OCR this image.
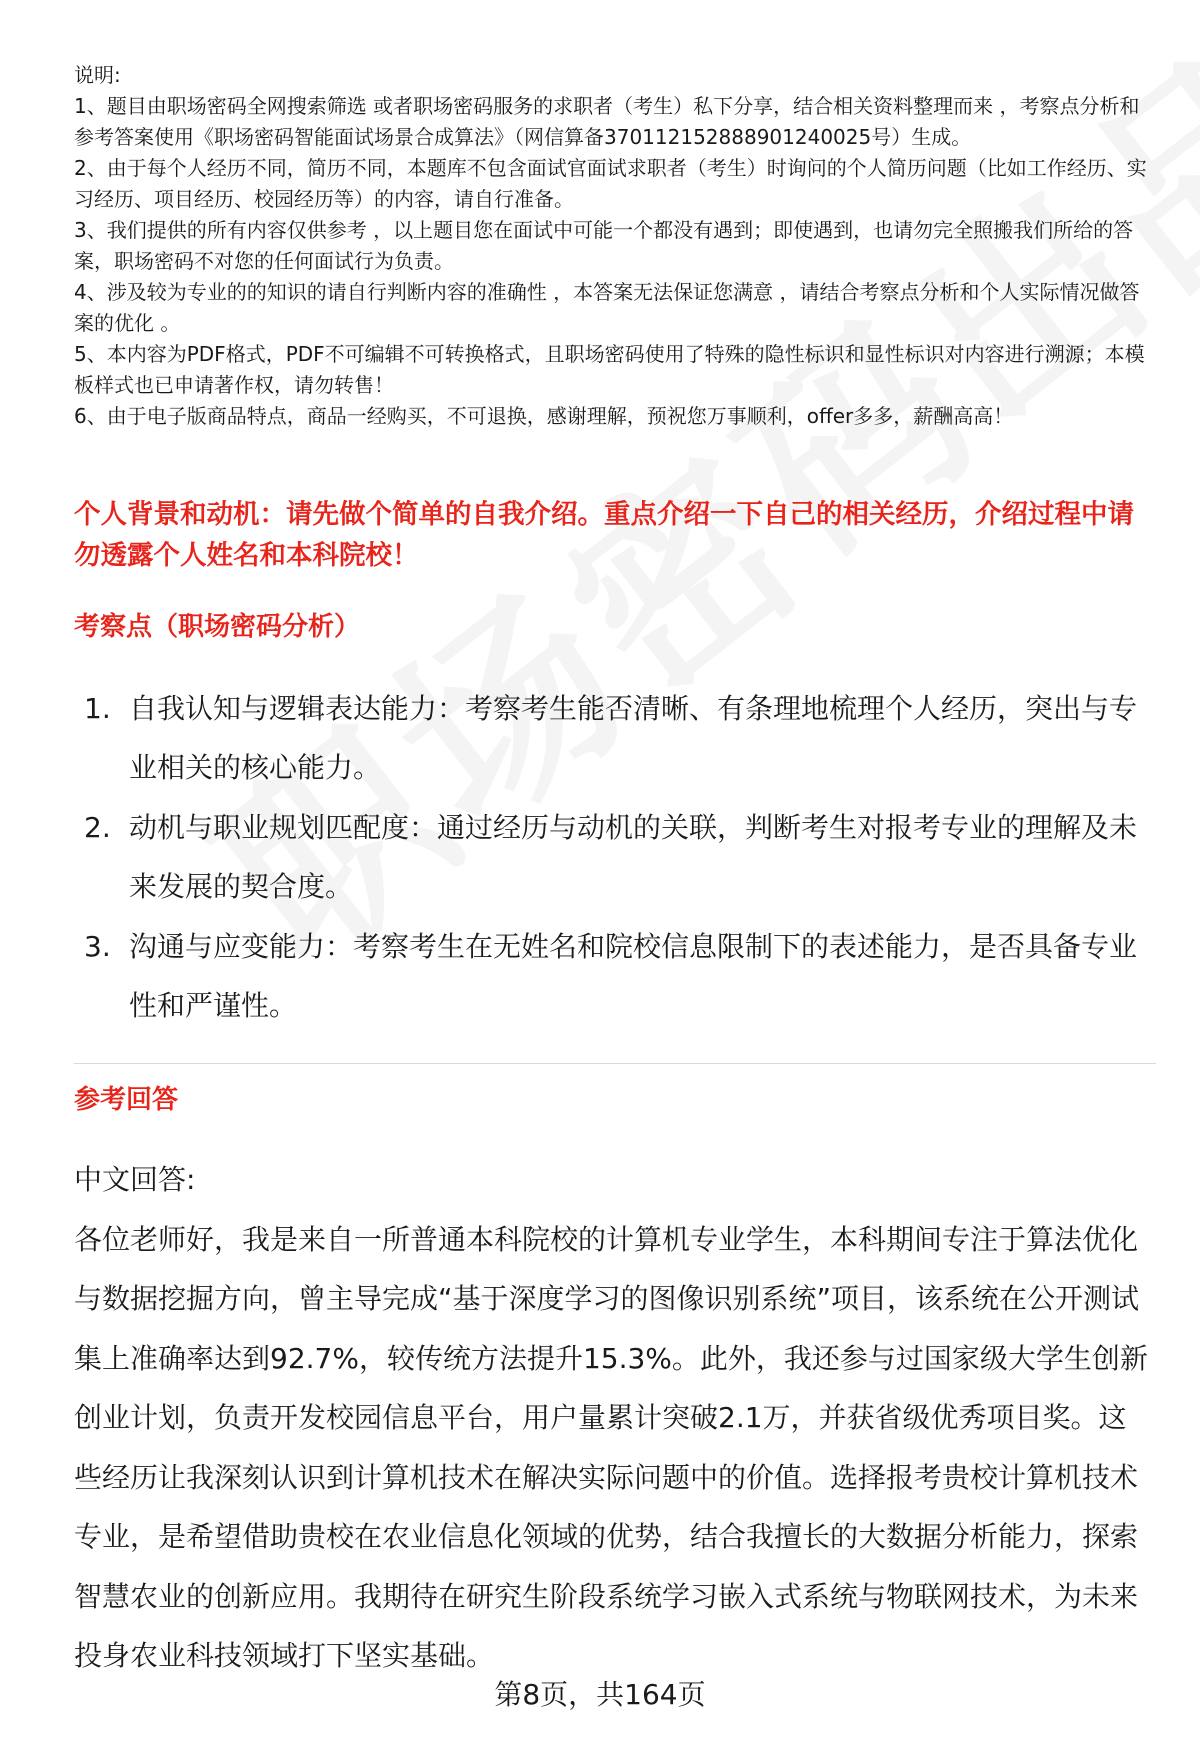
说明:

1、题目由职场密码全网搜索筛选 或者职场密码服务的求职者（考生）私下分享，结合相关资料整理而来 ，考察点分析和参考答案使用《职场密码智能面试场景合成算法》（网信算备370112152888901240025号）生成。

2、由于每个人经历不同，简历不同，本题库不包含面试官面试求职者（考生）时询问的个人简历问题（比如工作经历、实习经历、项目经历、校园经历等）的内容，请自行准备。

3、我们提供的所有内容仅供参考 ，以上题目您在面试中可能一个都没有遇到；即使遇到，也请勿完全照搬我们所给的答案，职场密码不对您的任何面试行为负责。

4、涉及较为专业的的知识的请自行判断内容的准确性 ，本答案无法保证您满意 ，请结合考察点分析和个人实际情况做答案的优化 。

5、本内容为PDF格式，PDF不可编辑不可转换格式，且职场密码使用了特殊的隐性标识和显性标识对内容进行溯源；本模板样式也已申请著作权，请勿转售！

6、由于电子版商品特点，商品一经购买，不可退换，感谢理解，预祝您万事顺利，offer多多，薪酬高高！

个人背景和动机：请先做个简单的自我介绍。重点介绍一下自己的相关经历，介绍过程中请勿透露个人姓名和本科院校！
考察点（职场密码分析）
1. 自我认知与逻辑表达能力：考察考生能否清晰、有条理地梳理个人经历，突出与专业相关的核心能力。
2. 动机与职业规划匹配度：通过经历与动机的关联，判断考生对报考专业的理解及未来发展的契合度。
3. 沟通与应变能力：考察考生在无姓名和院校信息限制下的表述能力，是否具备专业性和严谨性。
参考回答

中文回答:

各位老师好，我是来自一所普通本科院校的计算机专业学生，本科期间专注于算法优化与数据挖掘方向，曾主导完成“基于深度学习的图像识别系统”项目，该系统在公开测试集上准确率达到92.7%，较传统方法提升15.3%。此外，我还参与过国家级大学生创新创业计划，负责开发校园信息平台，用户量累计突破2.1万，并获省级优秀项目奖。这些经历让我深刻认识到计算机技术在解决实际问题中的价值。选择报考贵校计算机技术专业，是希望借助贵校在农业信息化领域的优势，结合我擅长的大数据分析能力，探索智慧农业的创新应用。我期待在研究生阶段系统学习嵌入式系统与物联网技术，为未来投身农业科技领域打下坚实基础。

第8页，共164页
